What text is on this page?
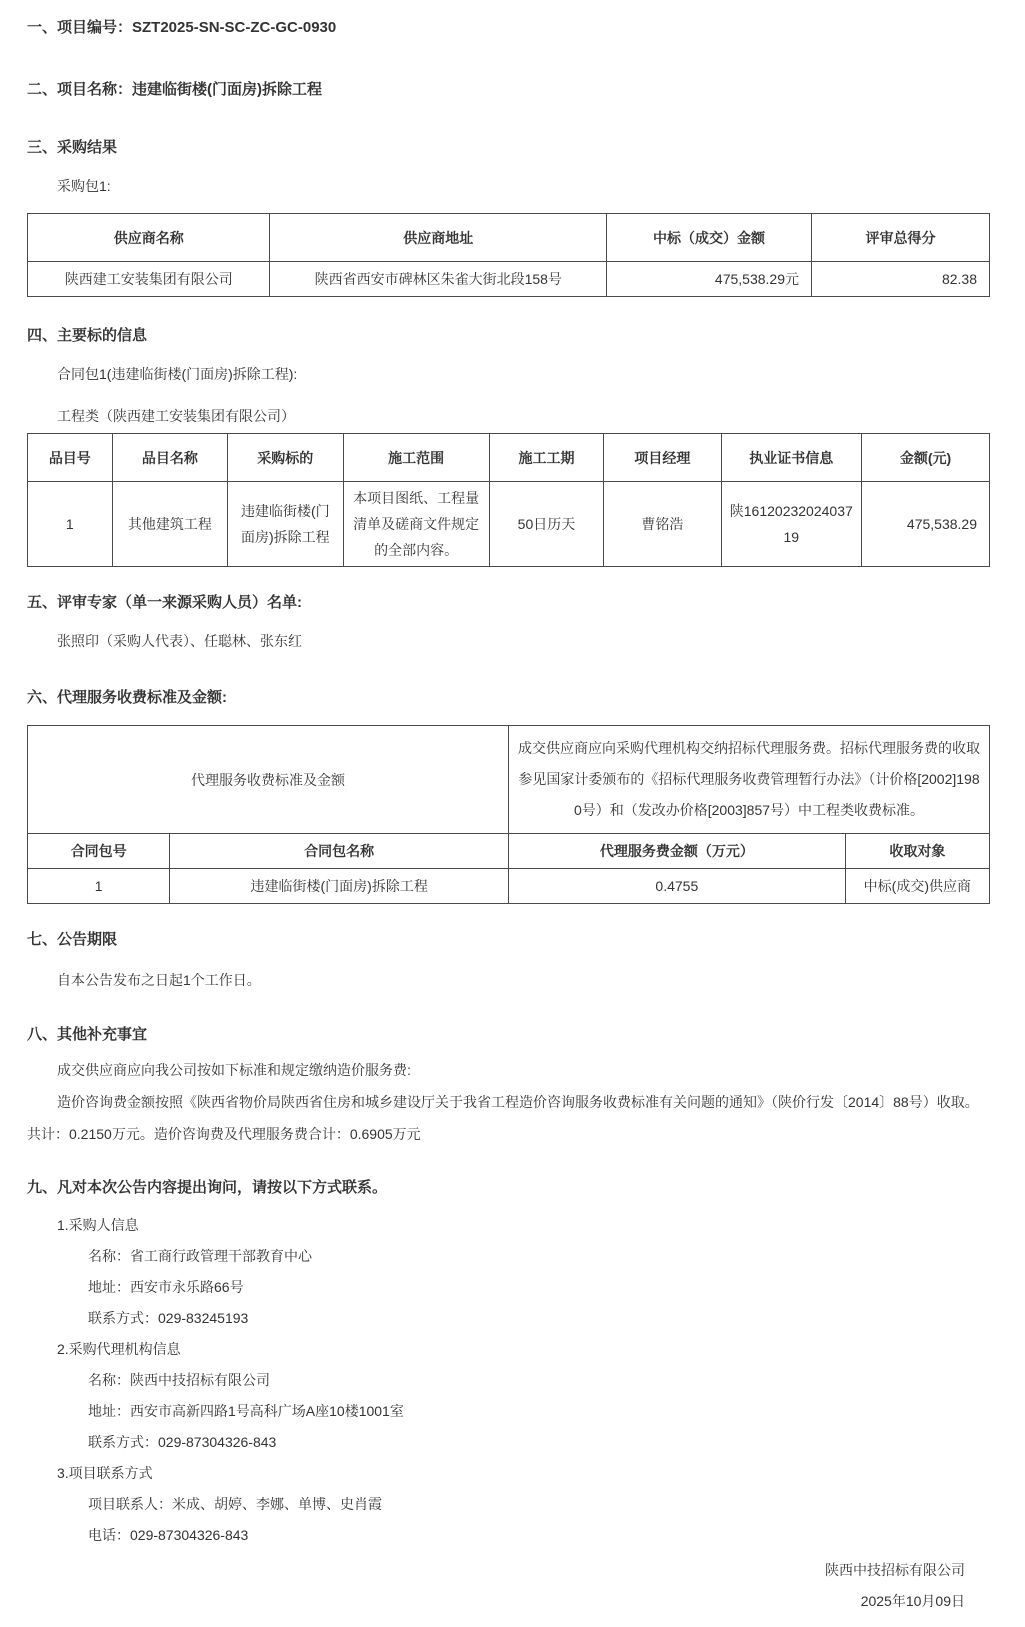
一、项目编号：SZT2025-SN-SC-ZC-GC-0930
二、项目名称：违建临街楼(门面房)拆除工程
三、采购结果
采购包1:
供应商名称	供应商地址	中标（成交）金额	评审总得分
陕西建工安装集团有限公司	陕西省西安市碑林区朱雀大街北段158号	475,538.29元	82.38
四、主要标的信息
合同包1(违建临街楼(门面房)拆除工程):
工程类（陕西建工安装集团有限公司）
品目号	品目名称	采购标的	施工范围	施工工期	项目经理	执业证书信息	金额(元)
1	其他建筑工程	违建临街楼(门面房)拆除工程	本项目图纸、工程量清单及磋商文件规定的全部内容。	50日历天	曹铭浩	陕1612023202403719	475,538.29
五、评审专家（单一来源采购人员）名单:
张照印（采购人代表）、任聪林、张东红
六、代理服务收费标准及金额:
代理服务收费标准及金额		成交供应商应向采购代理机构交纳招标代理服务费。招标代理服务费的收取参见国家计委颁布的《招标代理服务收费管理暂行办法》（计价格[2002]1980号）和（发改办价格[2003]857号）中工程类收费标准。	
合同包号	合同包名称	代理服务费金额（万元）	收取对象
1	违建临街楼(门面房)拆除工程	0.4755	中标(成交)供应商
七、公告期限
自本公告发布之日起1个工作日。
八、其他补充事宜
成交供应商应向我公司按如下标准和规定缴纳造价服务费:
造价咨询费金额按照《陕西省物价局陕西省住房和城乡建设厅关于我省工程造价咨询服务收费标准有关问题的通知》（陕价行发〔2014〕88号）收取。
共计：0.2150万元。造价咨询费及代理服务费合计：0.6905万元
九、凡对本次公告内容提出询问，请按以下方式联系。
1.采购人信息
名称：省工商行政管理干部教育中心
地址：西安市永乐路66号
联系方式：029-83245193
2.采购代理机构信息
名称：陕西中技招标有限公司
地址：西安市高新四路1号高科广场A座10楼1001室
联系方式：029-87304326-843
3.项目联系方式
项目联系人：米成、胡婷、李娜、单博、史肖霞
电话：029-87304326-843
陕西中技招标有限公司
2025年10月09日
